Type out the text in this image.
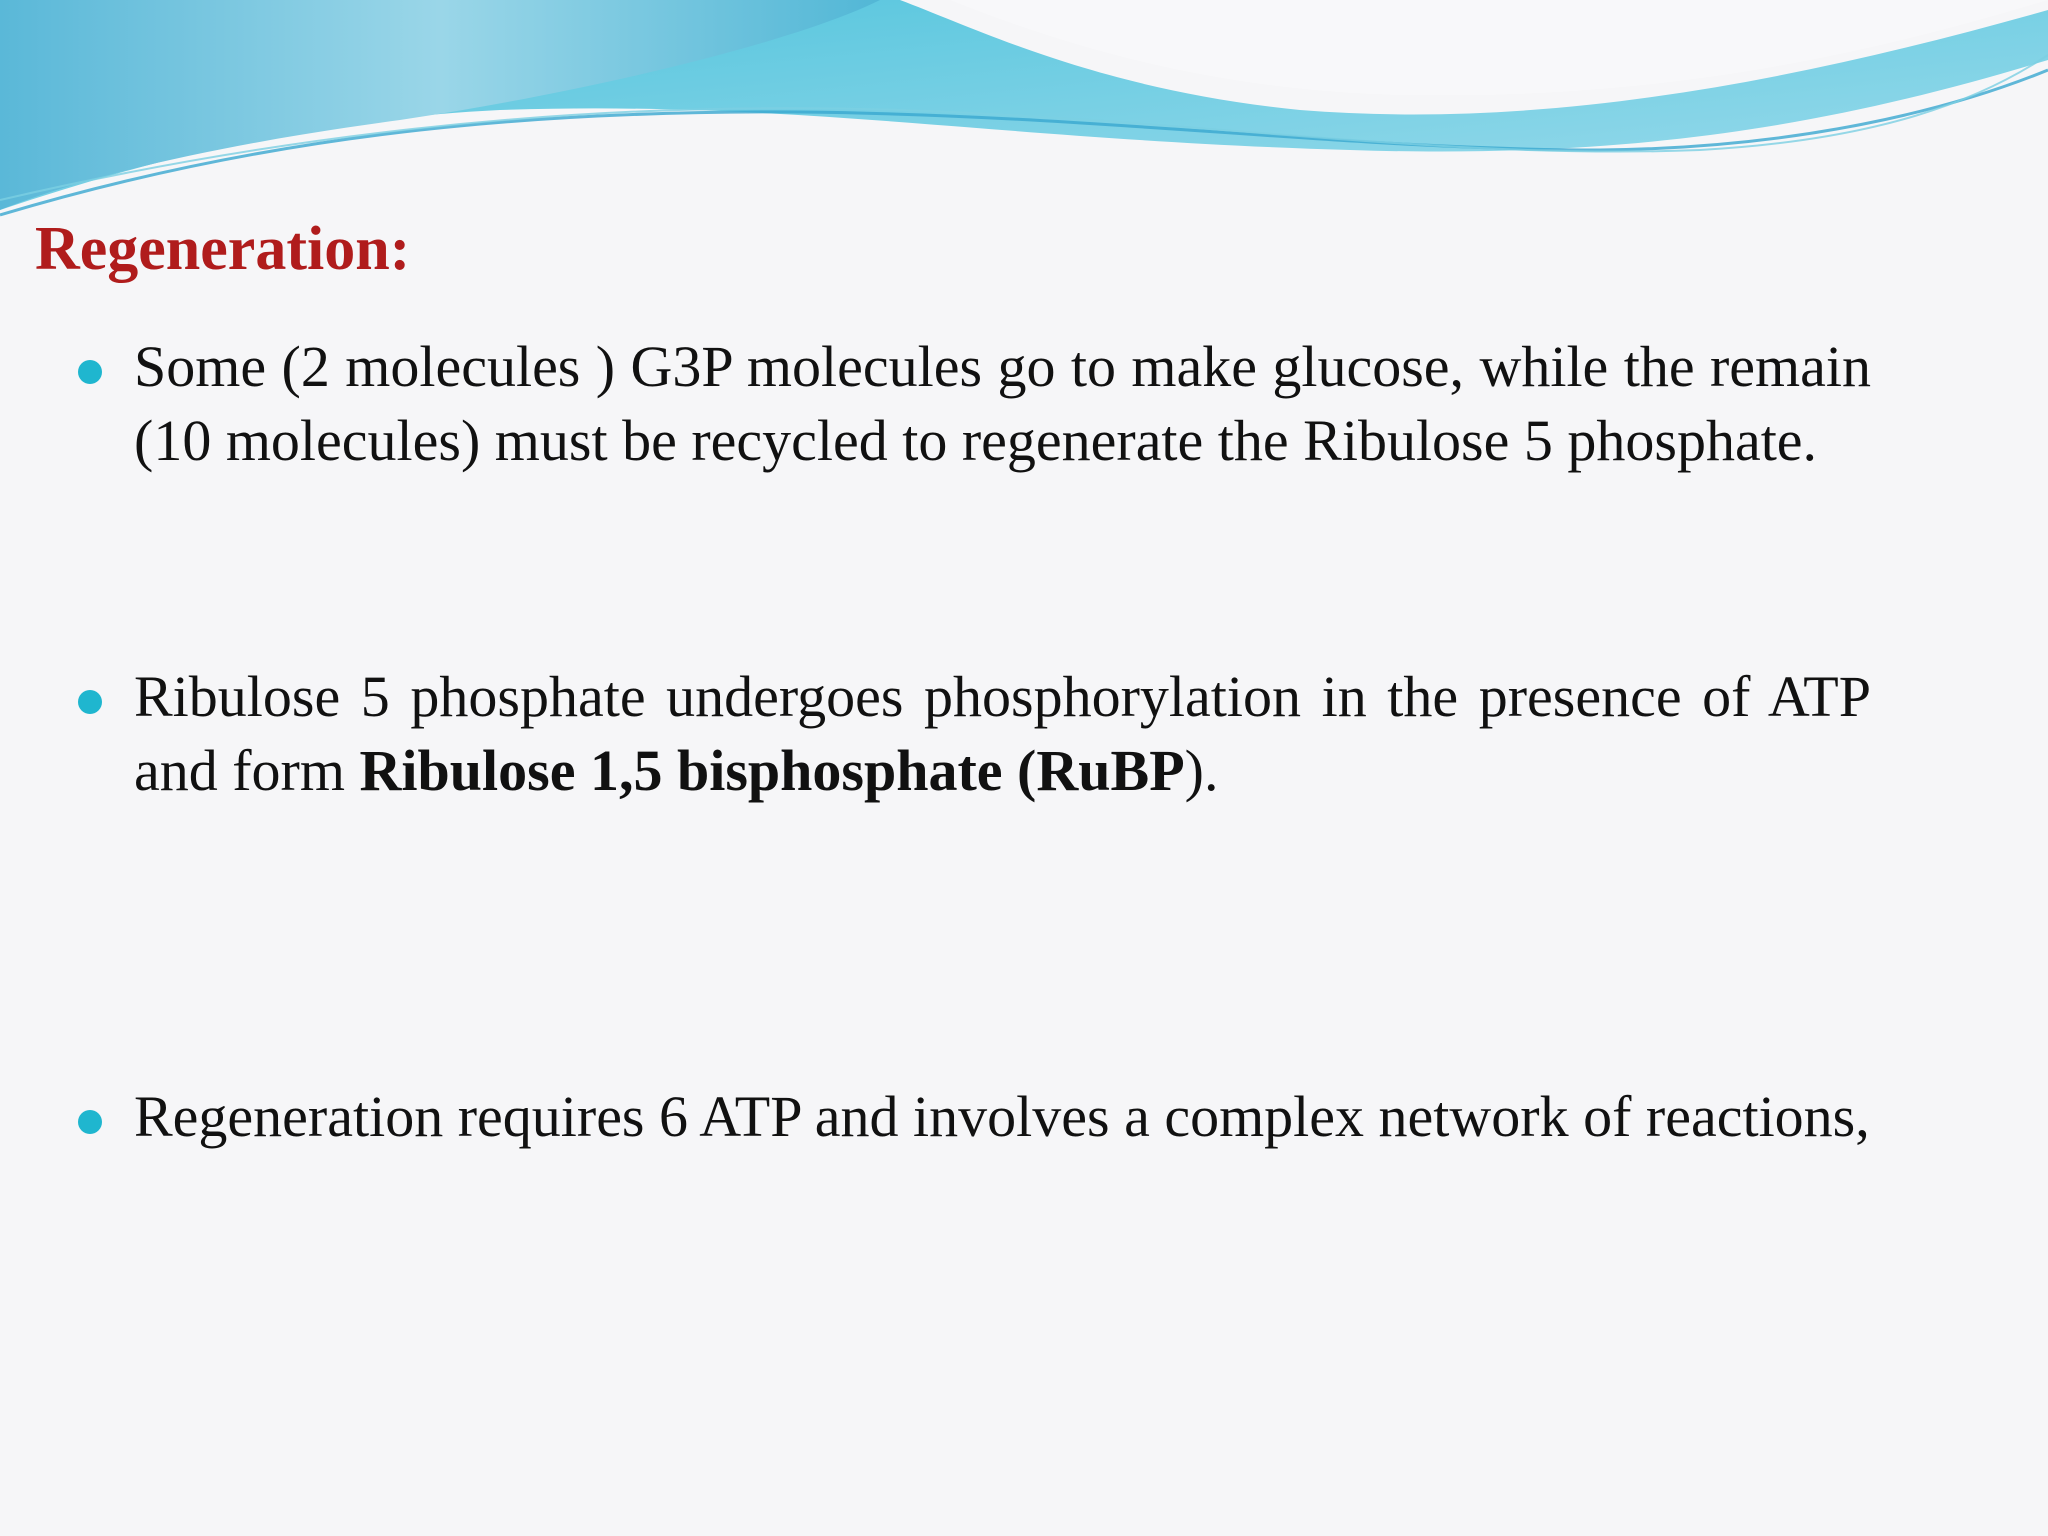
Regeneration:

Some (2 molecules ) G3P molecules go to make glucose, while the remain (10 molecules) must be recycled to regenerate the Ribulose 5 phosphate.

Ribulose 5 phosphate undergoes phosphorylation in the presence of ATP and form Ribulose 1,5 bisphosphate (RuBP).

Regeneration requires 6 ATP and involves a complex network of reactions,
